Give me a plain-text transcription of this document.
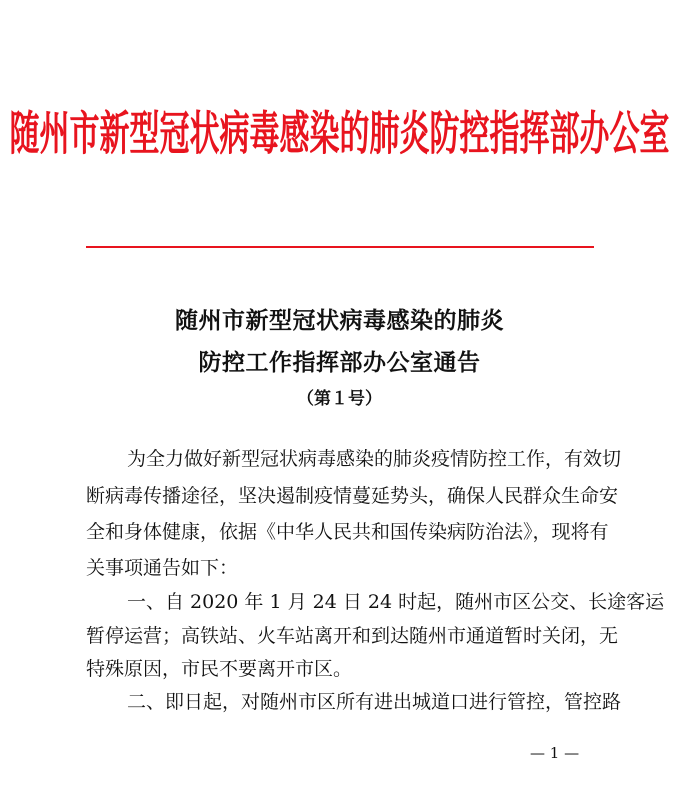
随州市新型冠状病毒感染的肺炎防控指挥部办公室
随州市新型冠状病毒感染的肺炎
防控工作指挥部办公室通告
（第１号）
为全力做好新型冠状病毒感染的肺炎疫情防控工作，有效切
断病毒传播途径，坚决遏制疫情蔓延势头，确保人民群众生命安
全和身体健康，依据《中华人民共和国传染病防治法》，现将有
关事项通告如下：
一、自 2020 年 1 月 24 日 24 时起，随州市区公交、长途客运
暂停运营；高铁站、火车站离开和到达随州市通道暂时关闭，无
特殊原因，市民不要离开市区。
二、即日起，对随州市区所有进出城道口进行管控，管控路
— 1 —
